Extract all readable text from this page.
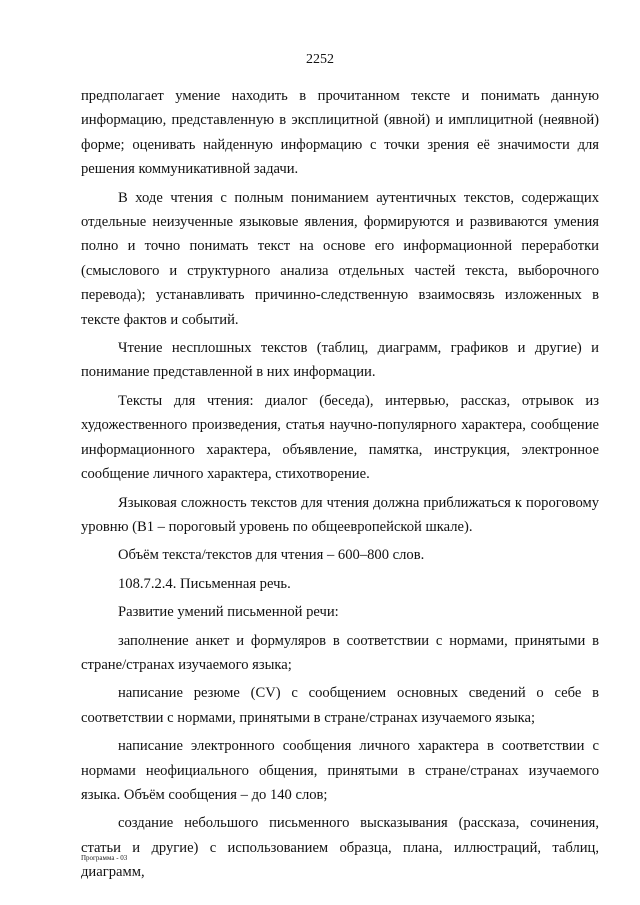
2252

предполагает умение находить в прочитанном тексте и понимать данную информацию, представленную в эксплицитной (явной) и имплицитной (неявной) форме; оценивать найденную информацию с точки зрения её значимости для решения коммуникативной задачи.

В ходе чтения с полным пониманием аутентичных текстов, содержащих отдельные неизученные языковые явления, формируются и развиваются умения полно и точно понимать текст на основе его информационной переработки (смыслового и структурного анализа отдельных частей текста, выборочного перевода); устанавливать причинно-следственную взаимосвязь изложенных в тексте фактов и событий.

Чтение несплошных текстов (таблиц, диаграмм, графиков и другие) и понимание представленной в них информации.

Тексты для чтения: диалог (беседа), интервью, рассказ, отрывок из художественного произведения, статья научно-популярного характера, сообщение информационного характера, объявление, памятка, инструкция, электронное сообщение личного характера, стихотворение.

Языковая сложность текстов для чтения должна приближаться к пороговому уровню (В1 – пороговый уровень по общеевропейской шкале).

Объём текста/текстов для чтения – 600–800 слов.

108.7.2.4. Письменная речь.

Развитие умений письменной речи:

заполнение анкет и формуляров в соответствии с нормами, принятыми в стране/странах изучаемого языка;

написание резюме (CV) с сообщением основных сведений о себе в соответствии с нормами, принятыми в стране/странах изучаемого языка;

написание электронного сообщения личного характера в соответствии с нормами неофициального общения, принятыми в стране/странах изучаемого языка. Объём сообщения – до 140 слов;

создание небольшого письменного высказывания (рассказа, сочинения, статьи и другие) с использованием образца, плана, иллюстраций, таблиц, диаграмм,

Программа - 03
